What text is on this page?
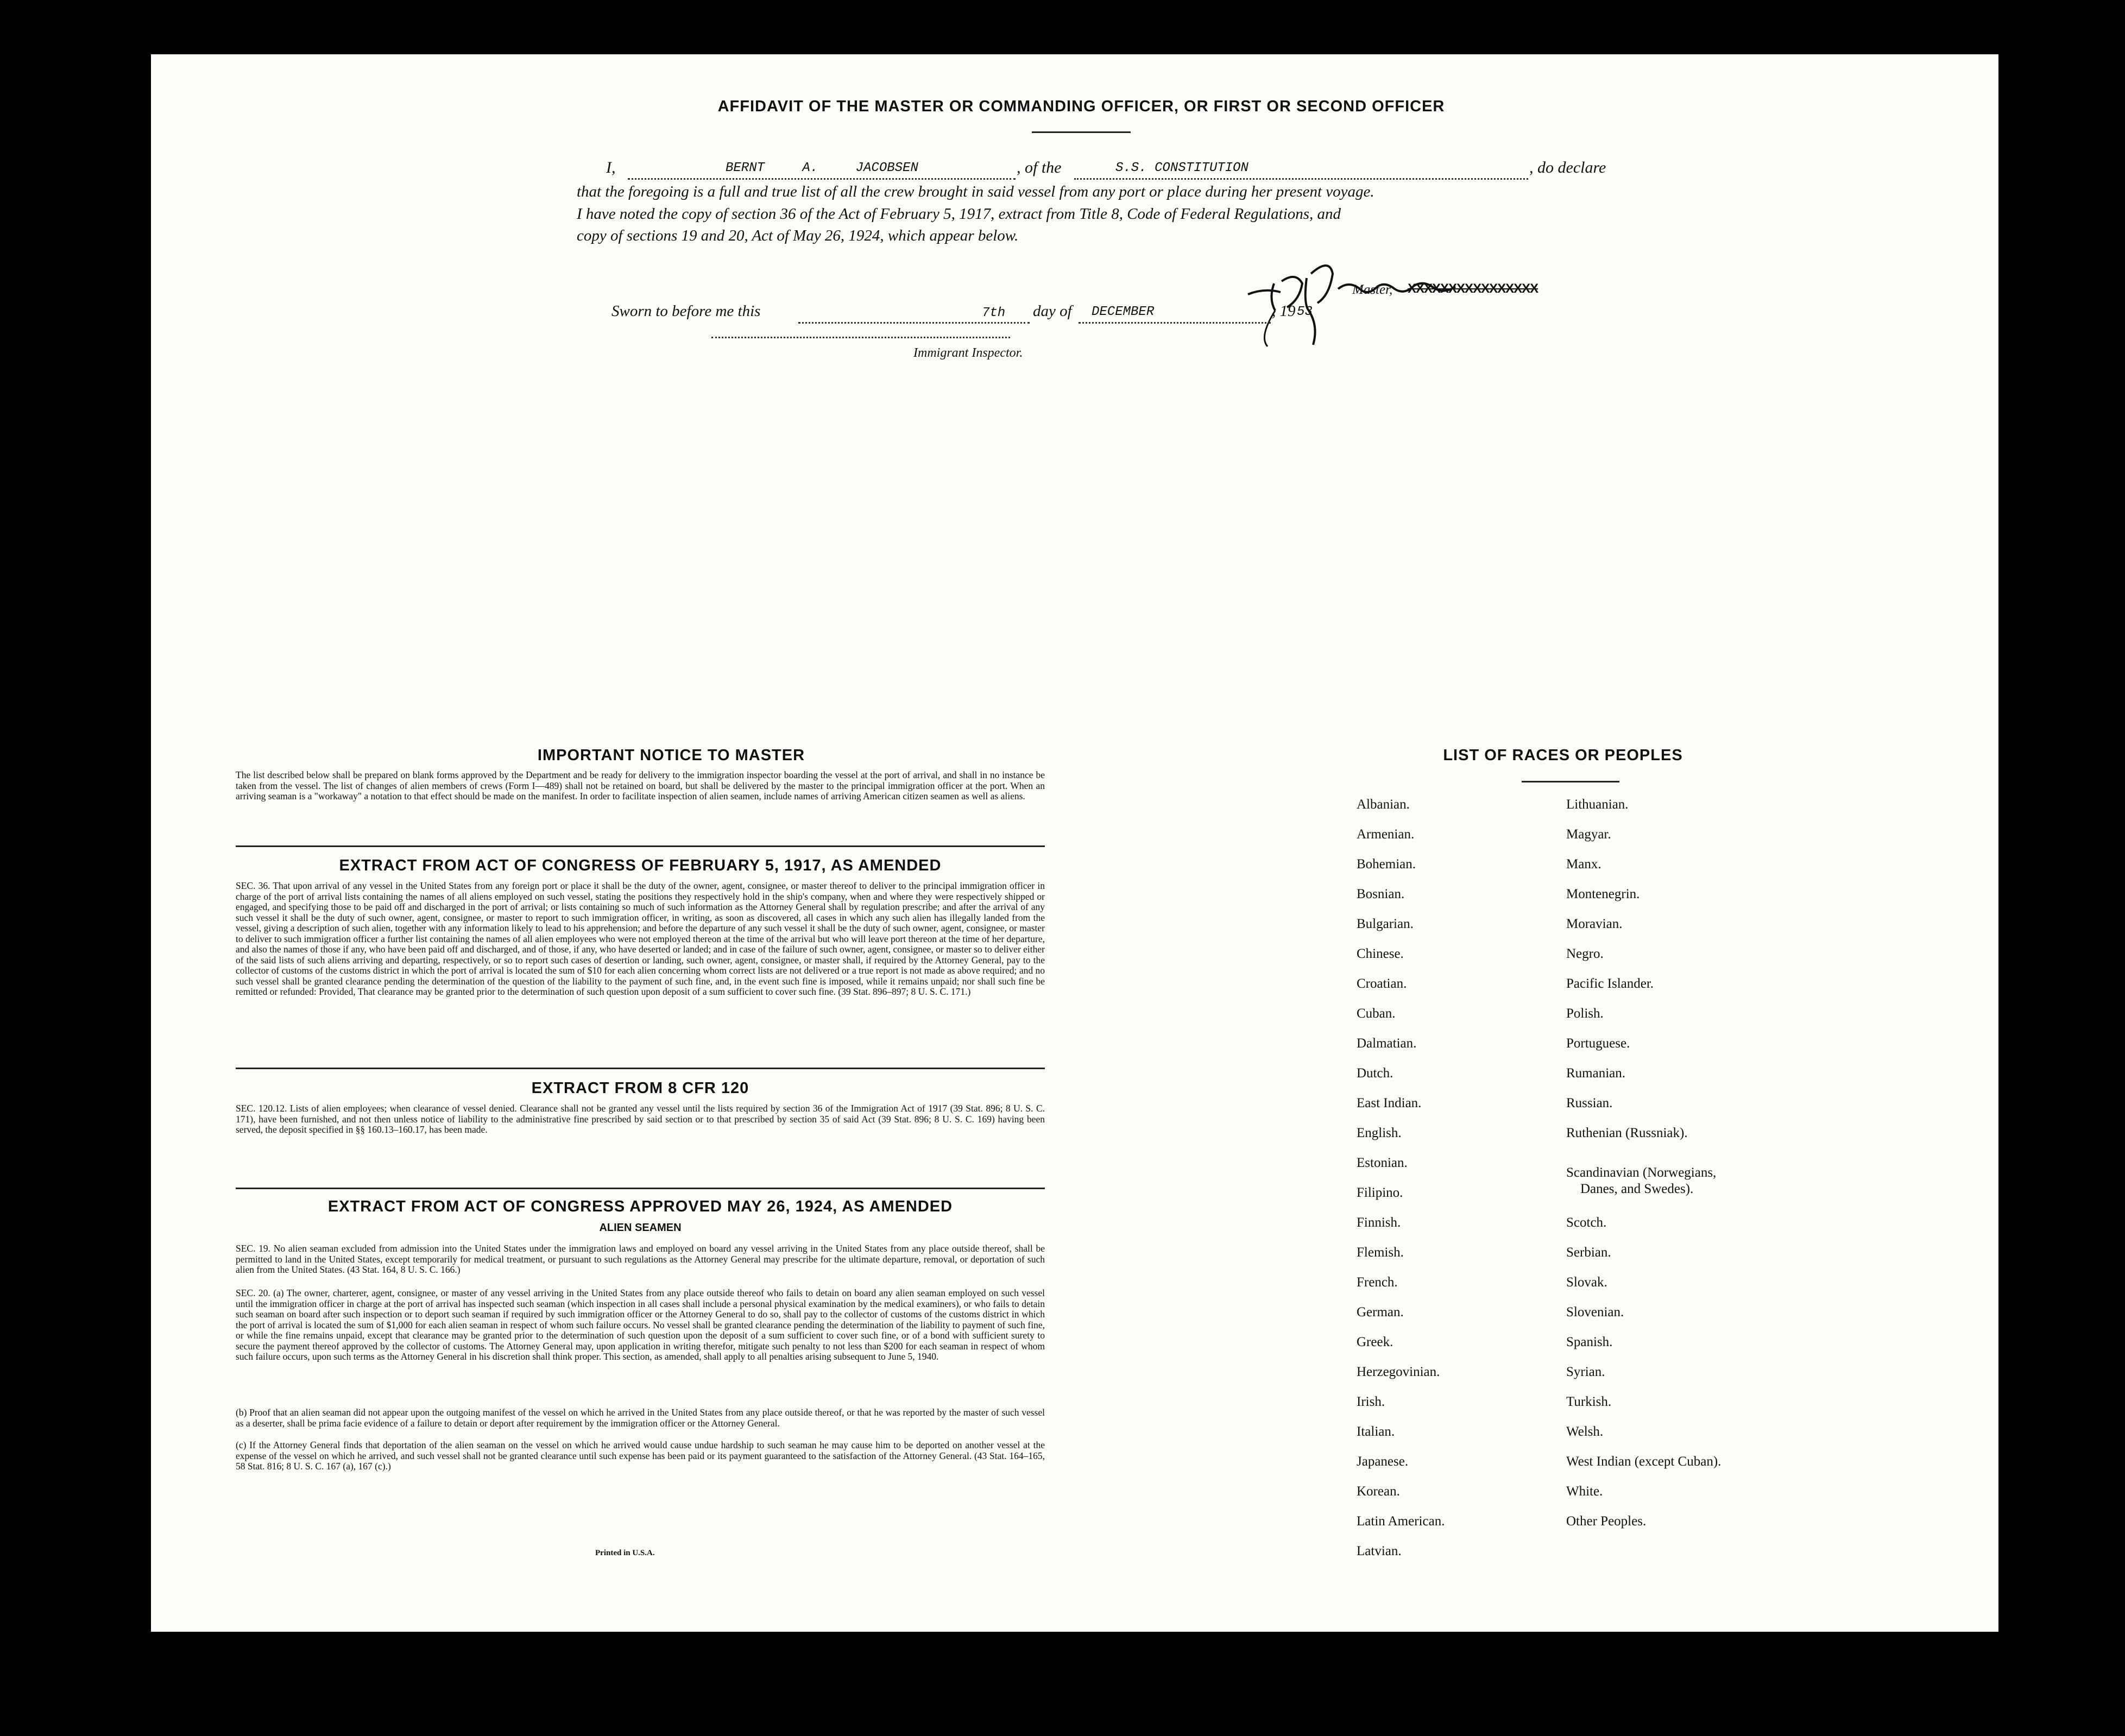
AFFIDAVIT OF THE MASTER OR COMMANDING OFFICER, OR FIRST OR SECOND OFFICER
I,	BERNT A. JACOBSEN	, of the	S.S. CONSTITUTION	, do declare
that the foregoing is a full and true list of all the crew brought in said vessel from any port or place during her present voyage.
I have noted the copy of section 36 of the Act of February 5, 1917, extract from Title 8, Code of Federal Regulations, and
copy of sections 19 and 20, Act of May 26, 1924, which appear below.
Master, XXXXXXXXXXXXXXXX
Sworn to before me this	7th day of DECEMBER	, 19 53
Immigrant Inspector.
IMPORTANT NOTICE TO MASTER

The list described below shall be prepared on blank forms approved by the Department and be ready for delivery to the immigration inspector boarding the vessel at the port of arrival, and shall in no instance be taken from the vessel. The list of changes of alien members of crews (Form I—489) shall not be retained on board, but shall be delivered by the master to the principal immigration officer at the port. When an arriving seaman is a "workaway" a notation to that effect should be made on the manifest. In order to facilitate inspection of alien seamen, include names of arriving American citizen seamen as well as aliens.

EXTRACT FROM ACT OF CONGRESS OF FEBRUARY 5, 1917, AS AMENDED

SEC. 36. That upon arrival of any vessel in the United States from any foreign port or place it shall be the duty of the owner, agent, consignee, or master thereof to deliver to the principal immigration officer in charge of the port of arrival lists containing the names of all aliens employed on such vessel, stating the positions they respectively hold in the ship's company, when and where they were respectively shipped or engaged, and specifying those to be paid off and discharged in the port of arrival; or lists containing so much of such information as the Attorney General shall by regulation prescribe; and after the arrival of any such vessel it shall be the duty of such owner, agent, consignee, or master to report to such immigration officer, in writing, as soon as discovered, all cases in which any such alien has illegally landed from the vessel, giving a description of such alien, together with any information likely to lead to his apprehension; and before the departure of any such vessel it shall be the duty of such owner, agent, consignee, or master to deliver to such immigration officer a further list containing the names of all alien employees who were not employed thereon at the time of the arrival but who will leave port thereon at the time of her departure, and also the names of those if any, who have been paid off and discharged, and of those, if any, who have deserted or landed; and in case of the failure of such owner, agent, consignee, or master so to deliver either of the said lists of such aliens arriving and departing, respectively, or so to report such cases of desertion or landing, such owner, agent, consignee, or master shall, if required by the Attorney General, pay to the collector of customs of the customs district in which the port of arrival is located the sum of $10 for each alien concerning whom correct lists are not delivered or a true report is not made as above required; and no such vessel shall be granted clearance pending the determination of the question of the liability to the payment of such fine, and, in the event such fine is imposed, while it remains unpaid; nor shall such fine be remitted or refunded: Provided, That clearance may be granted prior to the determination of such question upon deposit of a sum sufficient to cover such fine. (39 Stat. 896–897; 8 U. S. C. 171.)

EXTRACT FROM 8 CFR 120

SEC. 120.12. Lists of alien employees; when clearance of vessel denied. Clearance shall not be granted any vessel until the lists required by section 36 of the Immigration Act of 1917 (39 Stat. 896; 8 U. S. C. 171), have been furnished, and not then unless notice of liability to the administrative fine prescribed by said section or to that prescribed by section 35 of said Act (39 Stat. 896; 8 U. S. C. 169) having been served, the deposit specified in §§ 160.13–160.17, has been made.

EXTRACT FROM ACT OF CONGRESS APPROVED MAY 26, 1924, AS AMENDED
ALIEN SEAMEN

SEC. 19. No alien seaman excluded from admission into the United States under the immigration laws and employed on board any vessel arriving in the United States from any place outside thereof, shall be permitted to land in the United States, except temporarily for medical treatment, or pursuant to such regulations as the Attorney General may prescribe for the ultimate departure, removal, or deportation of such alien from the United States. (43 Stat. 164, 8 U. S. C. 166.)

SEC. 20. (a) The owner, charterer, agent, consignee, or master of any vessel arriving in the United States from any place outside thereof who fails to detain on board any alien seaman employed on such vessel until the immigration officer in charge at the port of arrival has inspected such seaman (which inspection in all cases shall include a personal physical examination by the medical examiners), or who fails to detain such seaman on board after such inspection or to deport such seaman if required by such immigration officer or the Attorney General to do so, shall pay to the collector of customs of the customs district in which the port of arrival is located the sum of $1,000 for each alien seaman in respect of whom such failure occurs. No vessel shall be granted clearance pending the determination of the liability to payment of such fine, or while the fine remains unpaid, except that clearance may be granted prior to the determination of such question upon the deposit of a sum sufficient to cover such fine, or of a bond with sufficient surety to secure the payment thereof approved by the collector of customs. The Attorney General may, upon application in writing therefor, mitigate such penalty to not less than $200 for each seaman in respect of whom such failure occurs, upon such terms as the Attorney General in his discretion shall think proper. This section, as amended, shall apply to all penalties arising subsequent to June 5, 1940.

(b) Proof that an alien seaman did not appear upon the outgoing manifest of the vessel on which he arrived in the United States from any place outside thereof, or that he was reported by the master of such vessel as a deserter, shall be prima facie evidence of a failure to detain or deport after requirement by the immigration officer or the Attorney General.

(c) If the Attorney General finds that deportation of the alien seaman on the vessel on which he arrived would cause undue hardship to such seaman he may cause him to be deported on another vessel at the expense of the vessel on which he arrived, and such vessel shall not be granted clearance until such expense has been paid or its payment guaranteed to the satisfaction of the Attorney General. (43 Stat. 164–165, 58 Stat. 816; 8 U. S. C. 167 (a), 167 (c).)

Printed in U.S.A.
LIST OF RACES OR PEOPLES
Albanian.
Armenian.
Bohemian.
Bosnian.
Bulgarian.
Chinese.
Croatian.
Cuban.
Dalmatian.
Dutch.
East Indian.
English.
Estonian.
Filipino.
Finnish.
Flemish.
French.
German.
Greek.
Herzegovinian.
Irish.
Italian.
Japanese.
Korean.
Latin American.
Latvian.
Lithuanian.
Magyar.
Manx.
Montenegrin.
Moravian.
Negro.
Pacific Islander.
Polish.
Portuguese.
Rumanian.
Russian.
Ruthenian (Russniak).
Scandinavian (Norwegians,
Danes, and Swedes).
Scotch.
Serbian.
Slovak.
Slovenian.
Spanish.
Syrian.
Turkish.
Welsh.
West Indian (except Cuban).
White.
Other Peoples.
